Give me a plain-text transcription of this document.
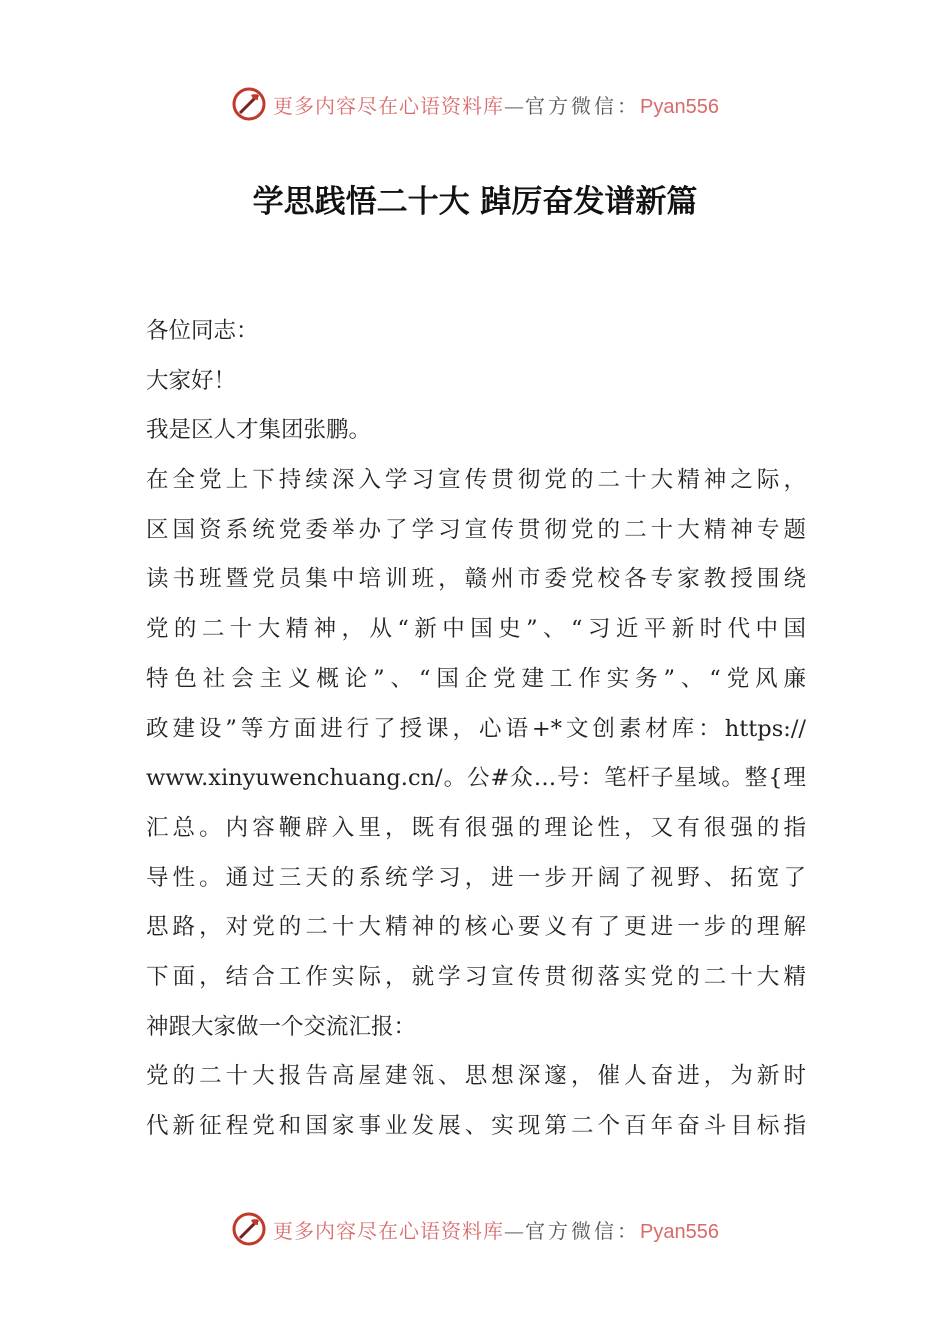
更多内容尽在心语资料库—官方微信：Pyan556
学思践悟二十大 踔厉奋发谱新篇
各位同志：
大家好！
我是区人才集团张鹏。
在全党上下持续深入学习宣传贯彻党的二十大精神之际，
区国资系统党委举办了学习宣传贯彻党的二十大精神专题
读书班暨党员集中培训班，赣州市委党校各专家教授围绕
党的二十大精神，从“新中国史”、“习近平新时代中国
特色社会主义概论”、“国企党建工作实务”、“党风廉
政建设”等方面进行了授课，心语+*文创素材库：https://
www.xinyuwenchuang.cn/。公#众…号：笔杆子星域。整{理
汇总。内容鞭辟入里，既有很强的理论性，又有很强的指
导性。通过三天的系统学习，进一步开阔了视野、拓宽了
思路，对党的二十大精神的核心要义有了更进一步的理解
下面，结合工作实际，就学习宣传贯彻落实党的二十大精
神跟大家做一个交流汇报：
党的二十大报告高屋建瓴、思想深邃，催人奋进，为新时
代新征程党和国家事业发展、实现第二个百年奋斗目标指
更多内容尽在心语资料库—官方微信：Pyan556
